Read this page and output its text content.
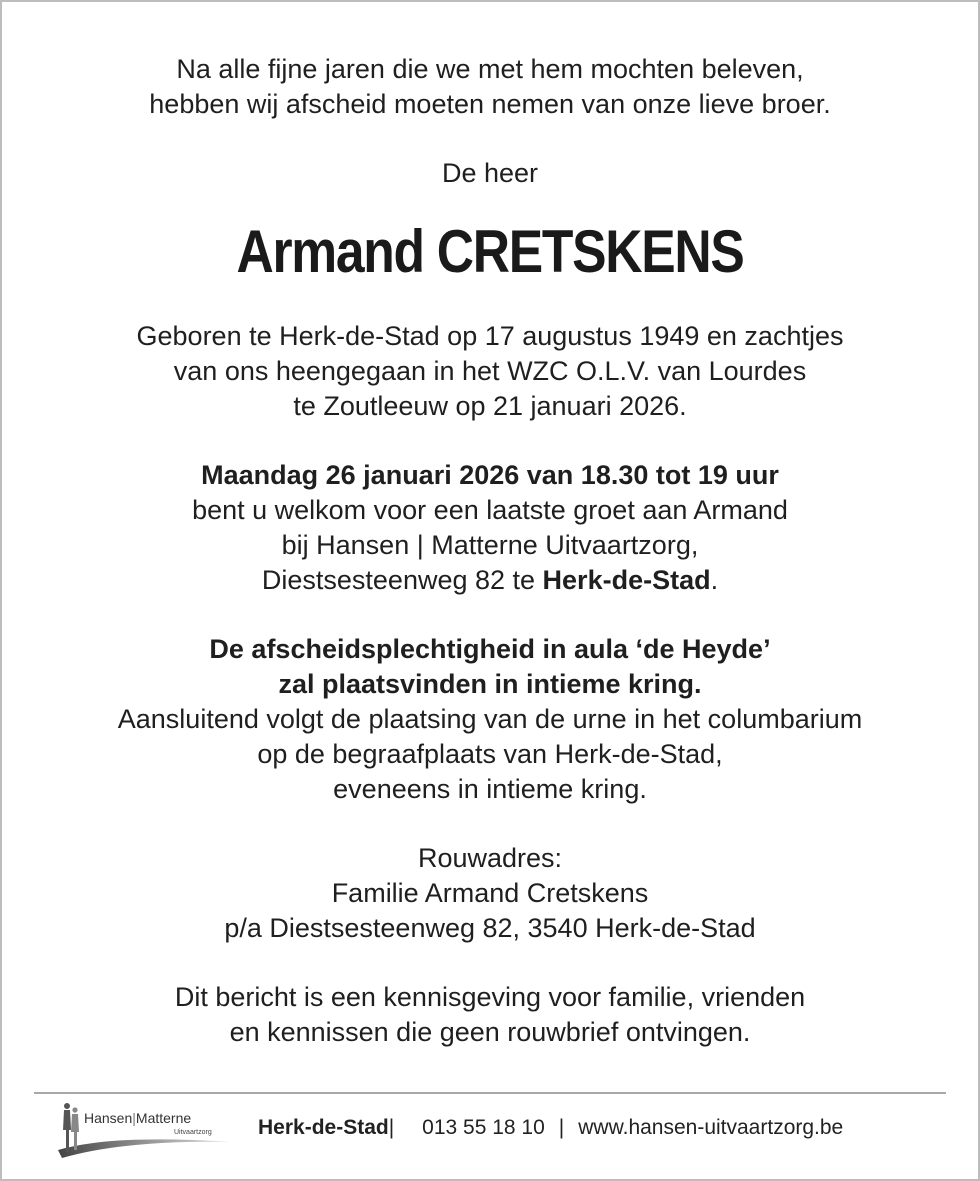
Na alle fijne jaren die we met hem mochten beleven,
hebben wij afscheid moeten nemen van onze lieve broer.

De heer

Armand CRETSKENS

Geboren te Herk-de-Stad op 17 augustus 1949 en zachtjes
van ons heengegaan in het WZC O.L.V. van Lourdes
te Zoutleeuw op 21 januari 2026.

Maandag 26 januari 2026 van 18.30 tot 19 uur
bent u welkom voor een laatste groet aan Armand
bij Hansen | Matterne Uitvaartzorg,
Diestsesteenweg 82 te Herk-de-Stad.

De afscheidsplechtigheid in aula ‘de Heyde’
zal plaatsvinden in intieme kring.
Aansluitend volgt de plaatsing van de urne in het columbarium
op de begraafplaats van Herk-de-Stad,
eveneens in intieme kring.

Rouwadres:
Familie Armand Cretskens
p/a Diestsesteenweg 82, 3540 Herk-de-Stad

Dit bericht is een kennisgeving voor familie, vrienden
en kennissen die geen rouwbrief ontvingen.

Hansen|Matterne
Uitvaartzorg Herk-de-Stad| 013 55 18 10 | www.hansen-uitvaartzorg.be
